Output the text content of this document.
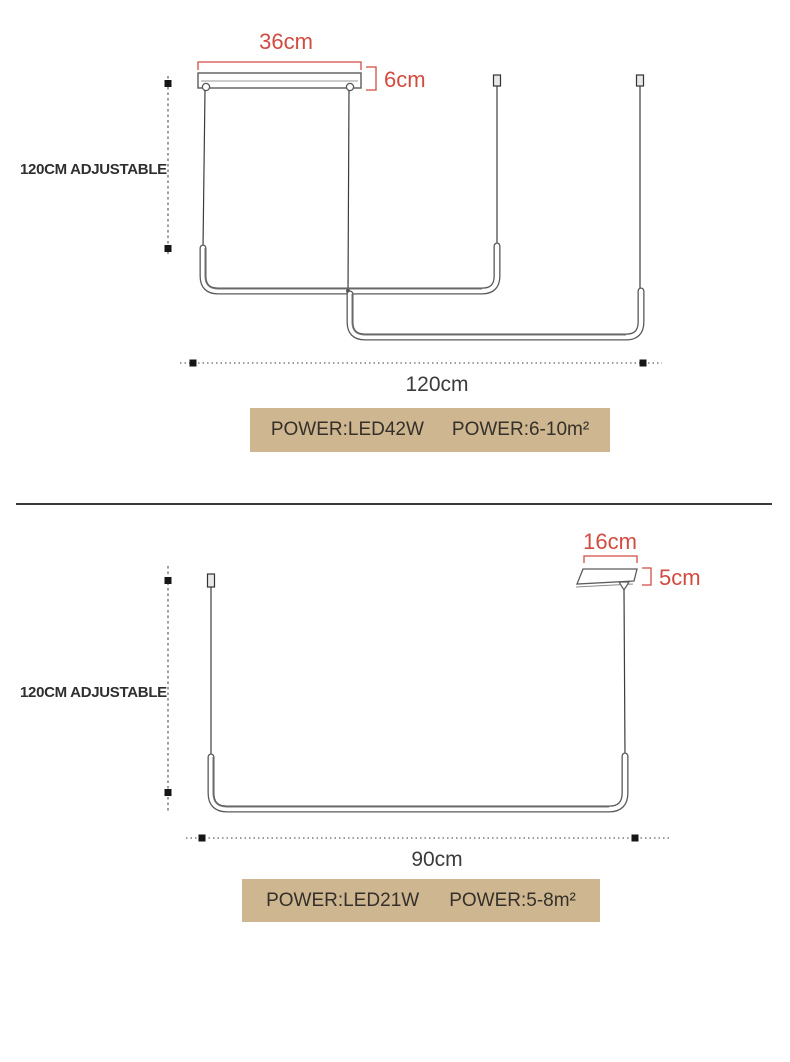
36cm
6cm
120CM ADJUSTABLE
120cm
POWER:LED42W POWER:6-10m²
16cm
5cm
120CM ADJUSTABLE
90cm
POWER:LED21W POWER:5-8m²
